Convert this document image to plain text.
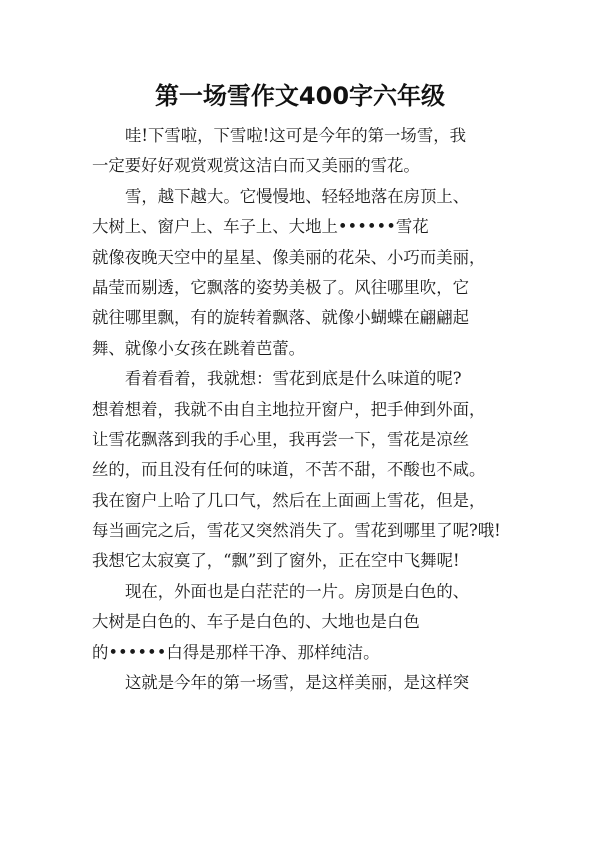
第一场雪作文400字六年级
哇!下雪啦，下雪啦!这可是今年的第一场雪，我
一定要好好观赏观赏这洁白而又美丽的雪花。
雪，越下越大。它慢慢地、轻轻地落在房顶上、
大树上、窗户上、车子上、大地上••••••雪花
就像夜晚天空中的星星、像美丽的花朵、小巧而美丽，
晶莹而剔透，它飘落的姿势美极了。风往哪里吹，它
就往哪里飘，有的旋转着飘落、就像小蝴蝶在翩翩起
舞、就像小女孩在跳着芭蕾。
看着看着，我就想：雪花到底是什么味道的呢?
想着想着，我就不由自主地拉开窗户，把手伸到外面，
让雪花飘落到我的手心里，我再尝一下，雪花是凉丝
丝的，而且没有任何的味道，不苦不甜，不酸也不咸。
我在窗户上哈了几口气，然后在上面画上雪花，但是，
每当画完之后，雪花又突然消失了。雪花到哪里了呢?哦!
我想它太寂寞了，“飘”到了窗外，正在空中飞舞呢!
现在，外面也是白茫茫的一片。房顶是白色的、
大树是白色的、车子是白色的、大地也是白色
的••••••白得是那样干净、那样纯洁。
这就是今年的第一场雪，是这样美丽，是这样突
